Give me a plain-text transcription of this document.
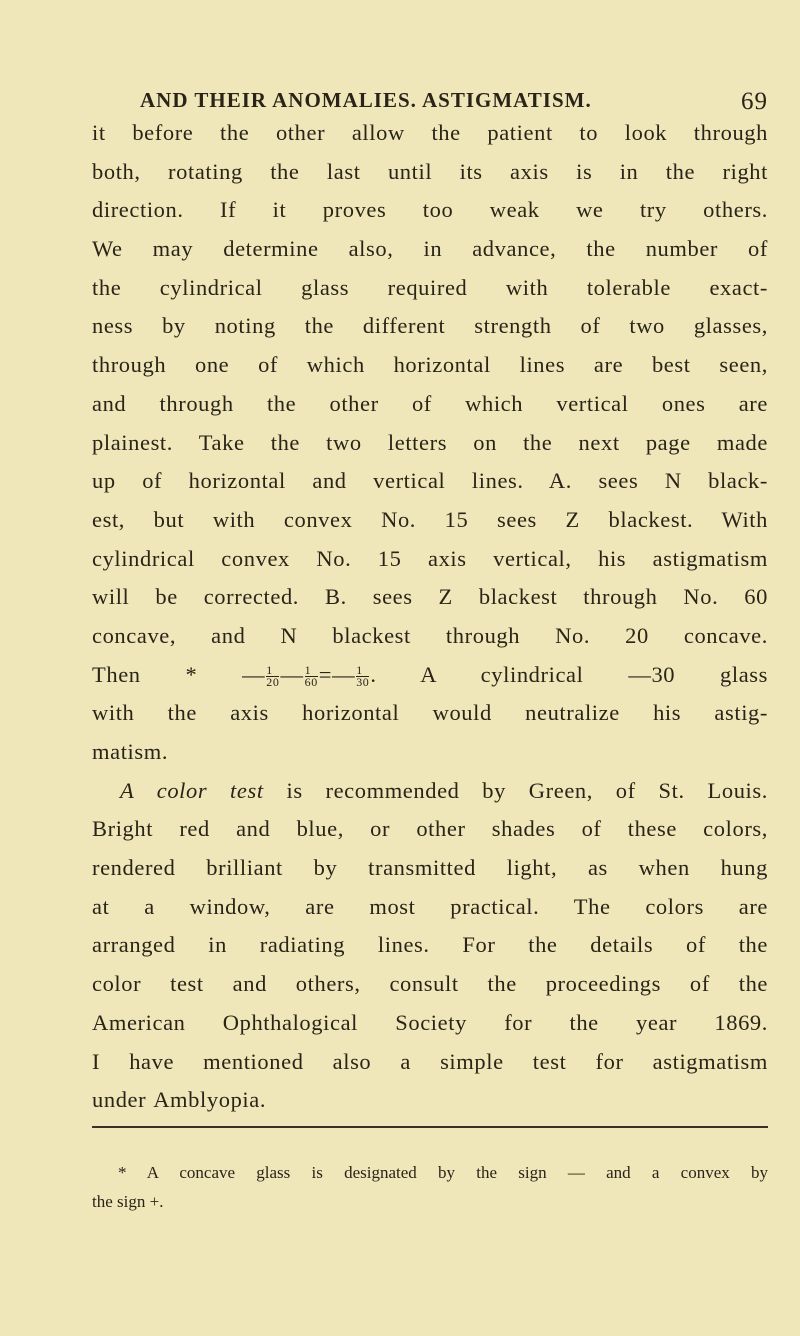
AND THEIR ANOMALIES. ASTIGMATISM.	69
it before the other allow the patient to look through
both, rotating the last until its axis is in the right
direction. If it proves too weak we try others.
We may determine also, in advance, the number of
the cylindrical glass required with tolerable exact-
ness by noting the different strength of two glasses,
through one of which horizontal lines are best seen,
and through the other of which vertical ones are
plainest. Take the two letters on the next page made
up of horizontal and vertical lines. A. sees N black-
est, but with convex No. 15 sees Z blackest. With
cylindrical convex No. 15 axis vertical, his astigmatism
will be corrected. B. sees Z blackest through No. 60
concave, and N blackest through No. 20 concave.
Then * — $\frac{1}{20}$ — $\frac{1}{60}$ =— $\frac{1}{30}$ . A cylindrical —30 glass
with the axis horizontal would neutralize his astig-
matism.
A color test is recommended by Green, of St. Louis.
Bright red and blue, or other shades of these colors,
rendered brilliant by transmitted light, as when hung
at a window, are most practical. The colors are
arranged in radiating lines. For the details of the
color test and others, consult the proceedings of the
American Ophthalogical Society for the year 1869.
I have mentioned also a simple test for astigmatism
under Amblyopia.
* A concave glass is designated by the sign — and a convex by
the sign +.
